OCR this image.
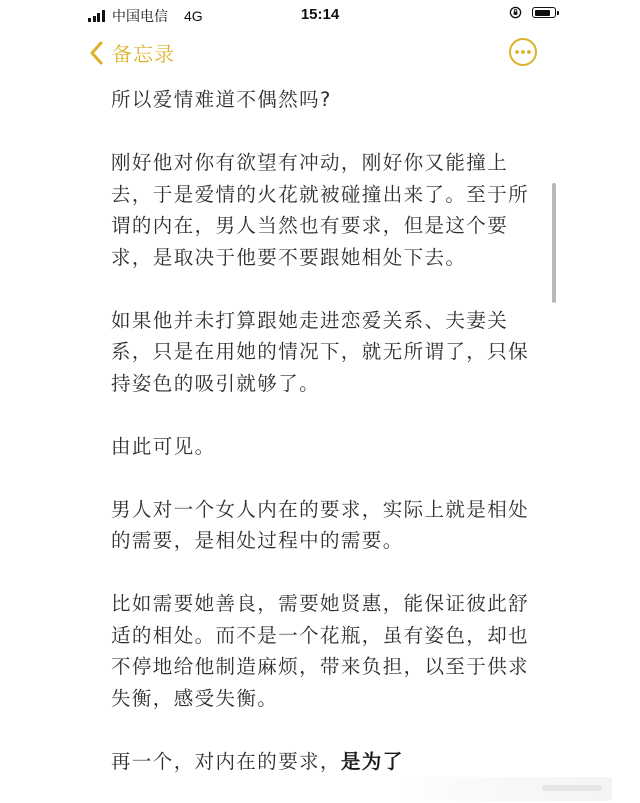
中国电信 4G	15:14
备忘录

所以爱情难道不偶然吗?

刚好他对你有欲望有冲动，刚好你又能撞上去，于是爱情的火花就被碰撞出来了。至于所谓的内在，男人当然也有要求，但是这个要求，是取决于他要不要跟她相处下去。

如果他并未打算跟她走进恋爱关系、夫妻关系，只是在用她的情况下，就无所谓了，只保持姿色的吸引就够了。

由此可见。

男人对一个女人内在的要求，实际上就是相处的需要，是相处过程中的需要。

比如需要她善良，需要她贤惠，能保证彼此舒适的相处。而不是一个花瓶，虽有姿色，却也不停地给他制造麻烦，带来负担，以至于供求失衡，感受失衡。

再一个，对内在的要求，是为了
